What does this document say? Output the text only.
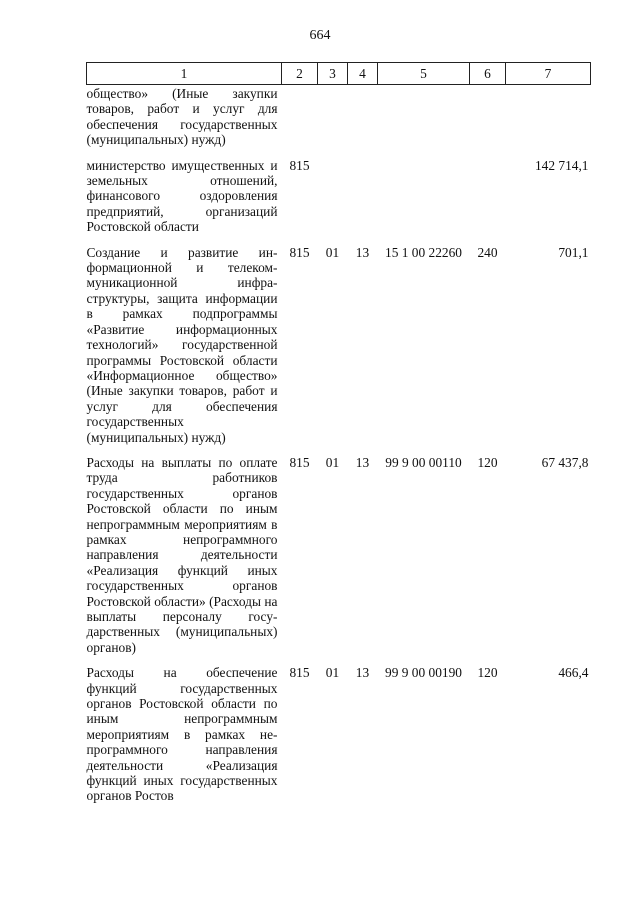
664
1	2	3	4	5	6	7
общество» (Иные закупки товаров, работ и услуг для обеспечения государственных (муниципальных) нужд)						
министерство имущественных и земельных отношений, финансового оздоровления предприятий, организаций Ростовской области	815					142 714,1
Создание и развитие информационной и телекоммуникационной инфраструктуры, защита информации в рамках подпрограммы «Развитие информационных технологий» государственной программы Ростовской области «Информационное общество» (Иные закупки товаров, работ и услуг для обеспечения государственных (муниципальных) нужд)	815	01	13	15 1 00 22260	240	701,1
Расходы на выплаты по оплате труда работников государственных органов Ростовской области по иным непрограммным мероприятиям в рамках непрограммного направления деятельности «Реализация функций иных государственных органов Ростовской области» (Расходы на выплаты персоналу государственных (муниципальных) органов)	815	01	13	99 9 00 00110	120	67 437,8
Расходы на обеспечение функций государственных органов Ростовской области по иным непрограммным мероприятиям в рамках непрограммного направления деятельности «Реализация функций иных государственных органов Ростов	815	01	13	99 9 00 00190	120	466,4
